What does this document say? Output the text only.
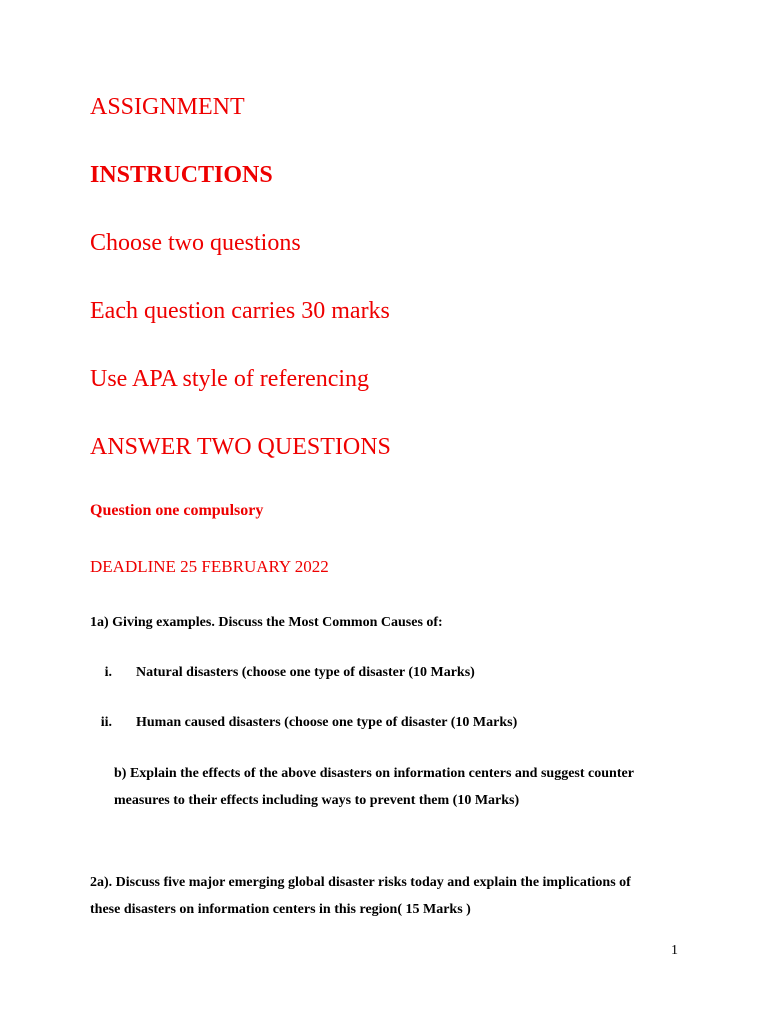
ASSIGNMENT
INSTRUCTIONS
Choose two questions
Each question carries 30 marks
Use APA style of referencing
ANSWER TWO QUESTIONS
Question one compulsory
DEADLINE 25 FEBRUARY 2022
1a) Giving examples. Discuss the Most Common Causes of:
i. Natural disasters (choose one type of disaster (10 Marks)
ii. Human caused disasters (choose one type of disaster (10 Marks)
b) Explain the effects of the above disasters on information centers and suggest counter
measures to their effects including ways to prevent them (10 Marks)
2a). Discuss five major emerging global disaster risks today and explain the implications of
these disasters on information centers in this region( 15 Marks )
1
